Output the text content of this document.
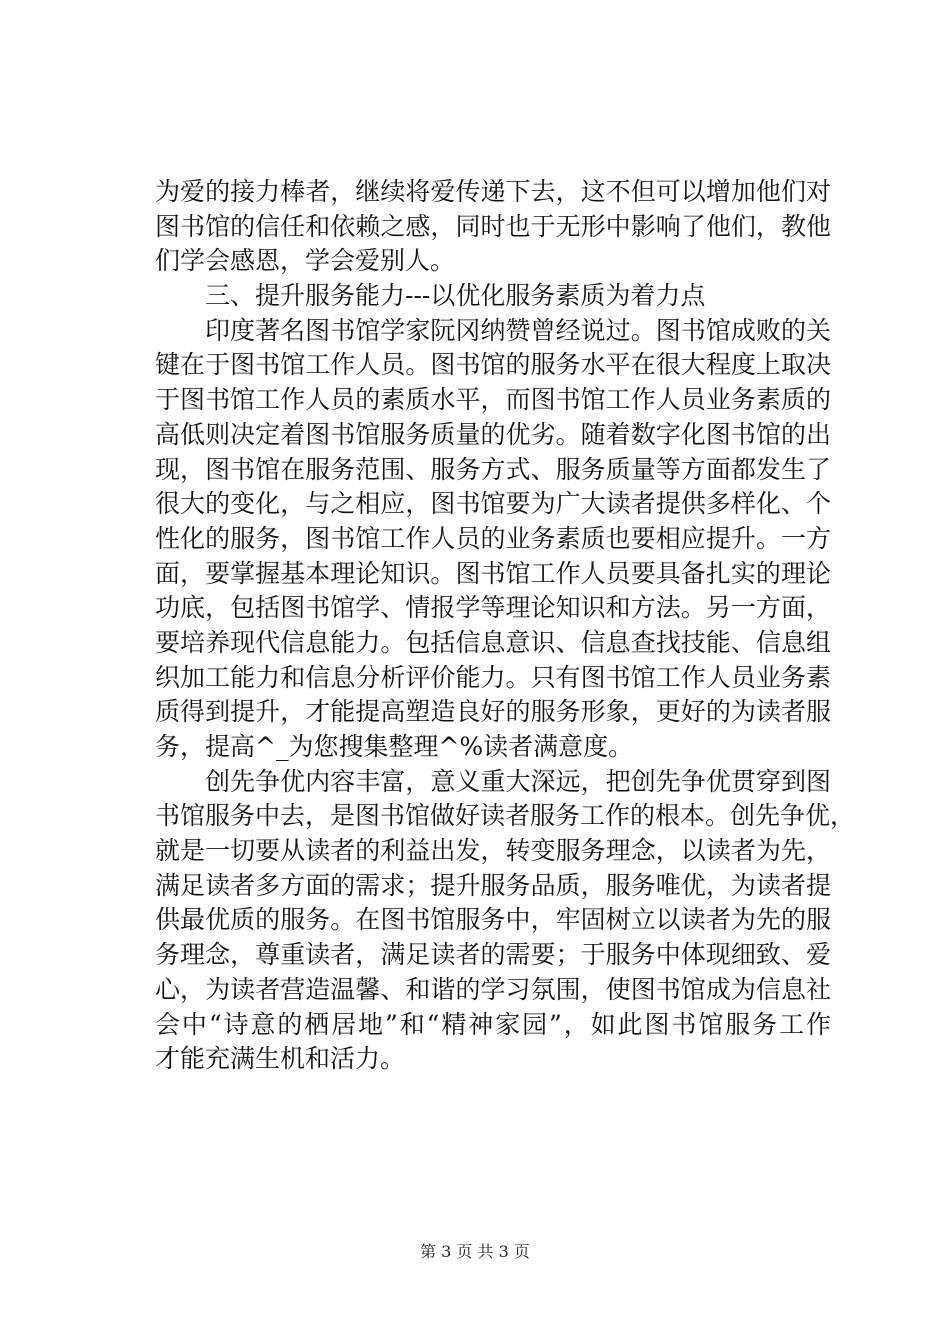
为爱的接力棒者，继续将爱传递下去，这不但可以增加他们对
图书馆的信任和依赖之感，同时也于无形中影响了他们，教他
们学会感恩，学会爱别人。
三、提升服务能力---以优化服务素质为着力点
印度著名图书馆学家阮冈纳赞曾经说过。图书馆成败的关
键在于图书馆工作人员。图书馆的服务水平在很大程度上取决
于图书馆工作人员的素质水平，而图书馆工作人员业务素质的
高低则决定着图书馆服务质量的优劣。随着数字化图书馆的出
现，图书馆在服务范围、服务方式、服务质量等方面都发生了
很大的变化，与之相应，图书馆要为广大读者提供多样化、个
性化的服务，图书馆工作人员的业务素质也要相应提升。一方
面，要掌握基本理论知识。图书馆工作人员要具备扎实的理论
功底，包括图书馆学、情报学等理论知识和方法。另一方面，
要培养现代信息能力。包括信息意识、信息查找技能、信息组
织加工能力和信息分析评价能力。只有图书馆工作人员业务素
质得到提升，才能提高塑造良好的服务形象，更好的为读者服
务，提高^_为您搜集整理^%读者满意度。
创先争优内容丰富，意义重大深远，把创先争优贯穿到图
书馆服务中去，是图书馆做好读者服务工作的根本。创先争优，
就是一切要从读者的利益出发，转变服务理念，以读者为先，
满足读者多方面的需求；提升服务品质，服务唯优，为读者提
供最优质的服务。在图书馆服务中，牢固树立以读者为先的服
务理念，尊重读者，满足读者的需要；于服务中体现细致、爱
心，为读者营造温馨、和谐的学习氛围，使图书馆成为信息社
会中“诗意的栖居地”和“精神家园”，如此图书馆服务工作
才能充满生机和活力。
第 3 页 共 3 页
